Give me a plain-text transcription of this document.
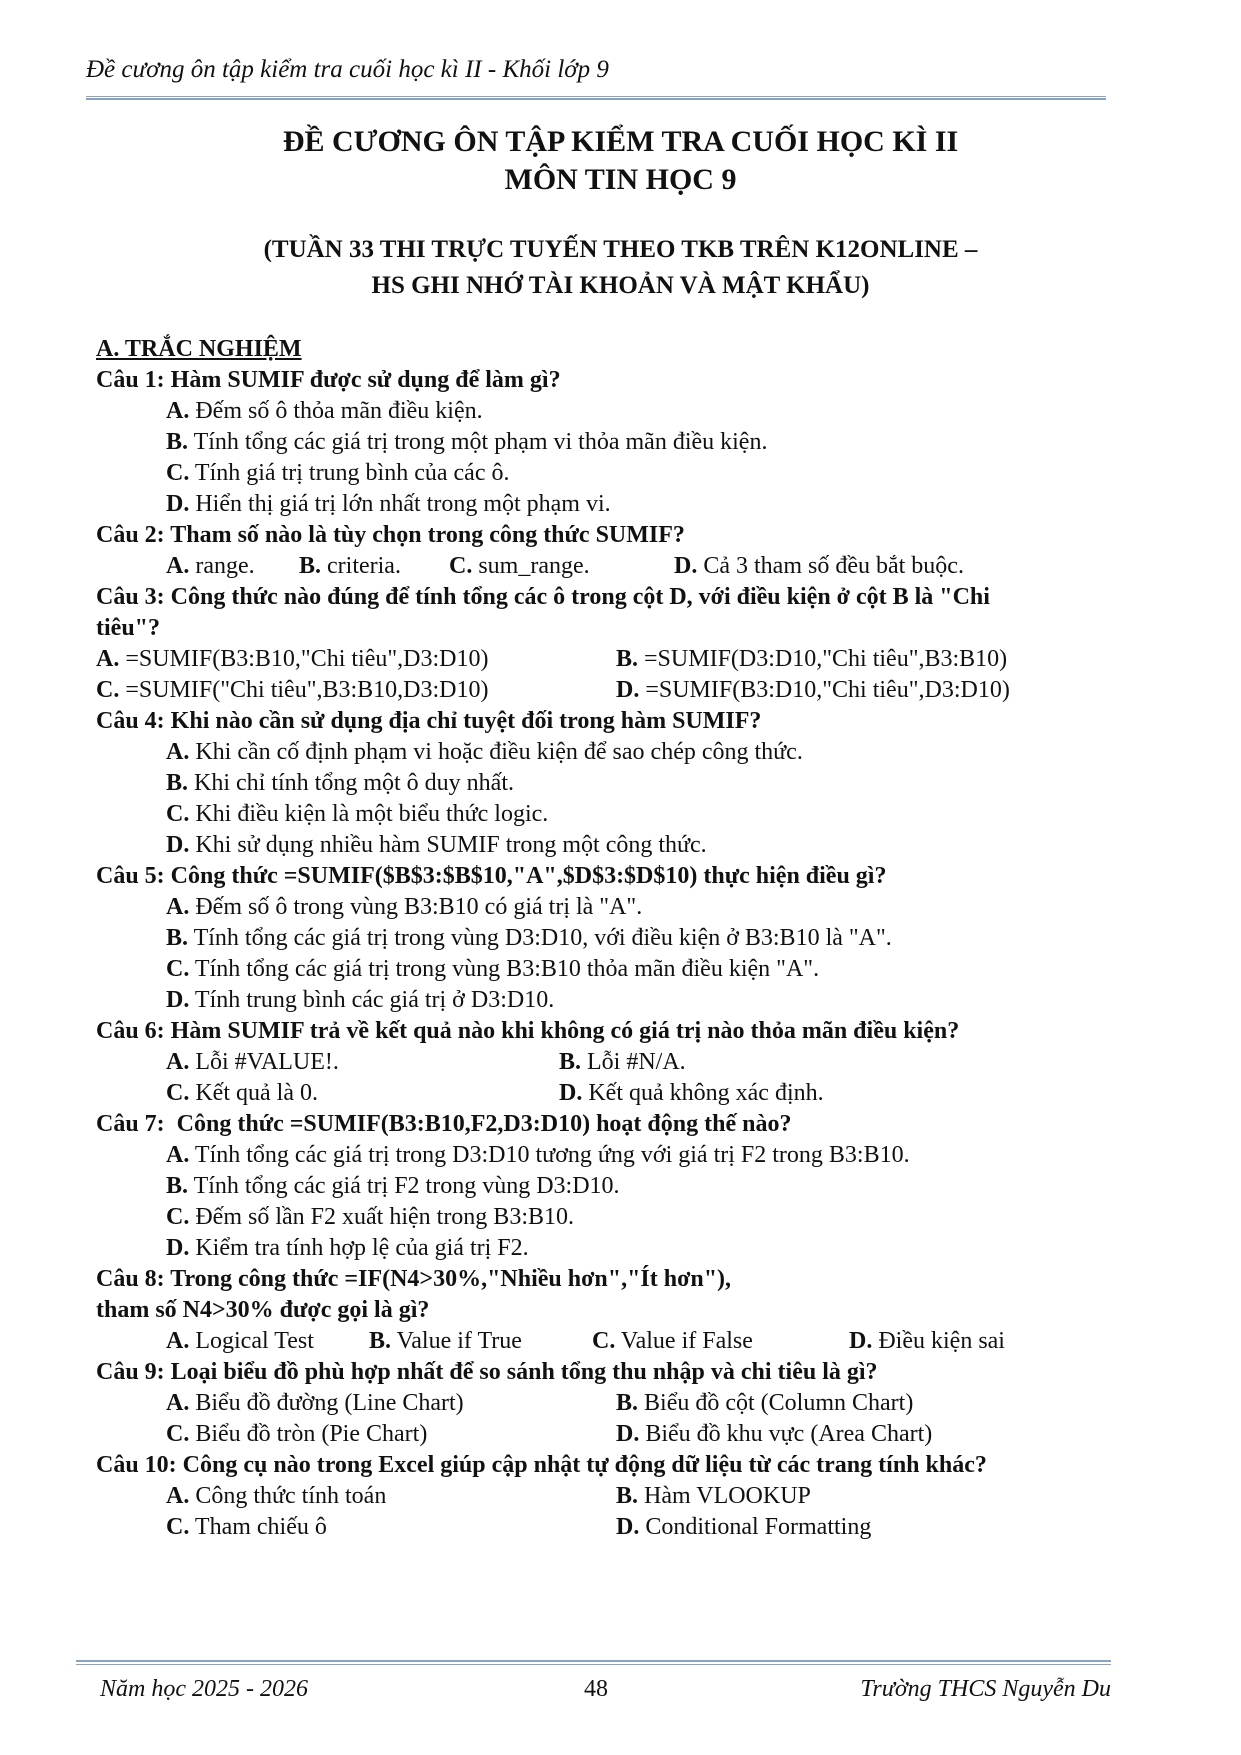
Đề cương ôn tập kiểm tra cuối học kì II - Khối lớp 9
ĐỀ CƯƠNG ÔN TẬP KIỂM TRA CUỐI HỌC KÌ II
MÔN TIN HỌC 9
(TUẦN 33 THI TRỰC TUYẾN THEO TKB TRÊN K12ONLINE –
HS GHI NHỚ TÀI KHOẢN VÀ MẬT KHẨU)
A. TRẮC NGHIỆM
Câu 1: Hàm SUMIF được sử dụng để làm gì?
A. Đếm số ô thỏa mãn điều kiện.
B. Tính tổng các giá trị trong một phạm vi thỏa mãn điều kiện.
C. Tính giá trị trung bình của các ô.
D. Hiển thị giá trị lớn nhất trong một phạm vi.
Câu 2: Tham số nào là tùy chọn trong công thức SUMIF?
A. range.	B. criteria.	C. sum_range.	D. Cả 3 tham số đều bắt buộc.
Câu 3: Công thức nào đúng để tính tổng các ô trong cột D, với điều kiện ở cột B là "Chi tiêu"?
A. =SUMIF(B3:B10,"Chi tiêu",D3:D10)	B. =SUMIF(D3:D10,"Chi tiêu",B3:B10)
C. =SUMIF("Chi tiêu",B3:B10,D3:D10)	D. =SUMIF(B3:D10,"Chi tiêu",D3:D10)
Câu 4: Khi nào cần sử dụng địa chỉ tuyệt đối trong hàm SUMIF?
A. Khi cần cố định phạm vi hoặc điều kiện để sao chép công thức.
B. Khi chỉ tính tổng một ô duy nhất.
C. Khi điều kiện là một biểu thức logic.
D. Khi sử dụng nhiều hàm SUMIF trong một công thức.
Câu 5: Công thức =SUMIF($B$3:$B$10,"A",$D$3:$D$10) thực hiện điều gì?
A. Đếm số ô trong vùng B3:B10 có giá trị là "A".
B. Tính tổng các giá trị trong vùng D3:D10, với điều kiện ở B3:B10 là "A".
C. Tính tổng các giá trị trong vùng B3:B10 thỏa mãn điều kiện "A".
D. Tính trung bình các giá trị ở D3:D10.
Câu 6: Hàm SUMIF trả về kết quả nào khi không có giá trị nào thỏa mãn điều kiện?
A. Lỗi #VALUE!.	B. Lỗi #N/A.
C. Kết quả là 0.	D. Kết quả không xác định.
Câu 7:  Công thức =SUMIF(B3:B10,F2,D3:D10) hoạt động thế nào?
A. Tính tổng các giá trị trong D3:D10 tương ứng với giá trị F2 trong B3:B10.
B. Tính tổng các giá trị F2 trong vùng D3:D10.
C. Đếm số lần F2 xuất hiện trong B3:B10.
D. Kiểm tra tính hợp lệ của giá trị F2.
Câu 8: Trong công thức =IF(N4>30%,"Nhiều hơn","Ít hơn"),
tham số N4>30% được gọi là gì?
A. Logical Test	B. Value if True	C. Value if False	D. Điều kiện sai
Câu 9: Loại biểu đồ phù hợp nhất để so sánh tổng thu nhập và chi tiêu là gì?
A. Biểu đồ đường (Line Chart)	B. Biểu đồ cột (Column Chart)
C. Biểu đồ tròn (Pie Chart)	D. Biểu đồ khu vực (Area Chart)
Câu 10: Công cụ nào trong Excel giúp cập nhật tự động dữ liệu từ các trang tính khác?
A. Công thức tính toán	B. Hàm VLOOKUP
C. Tham chiếu ô	D. Conditional Formatting
Năm học 2025 - 2026	48	Trường THCS Nguyễn Du
